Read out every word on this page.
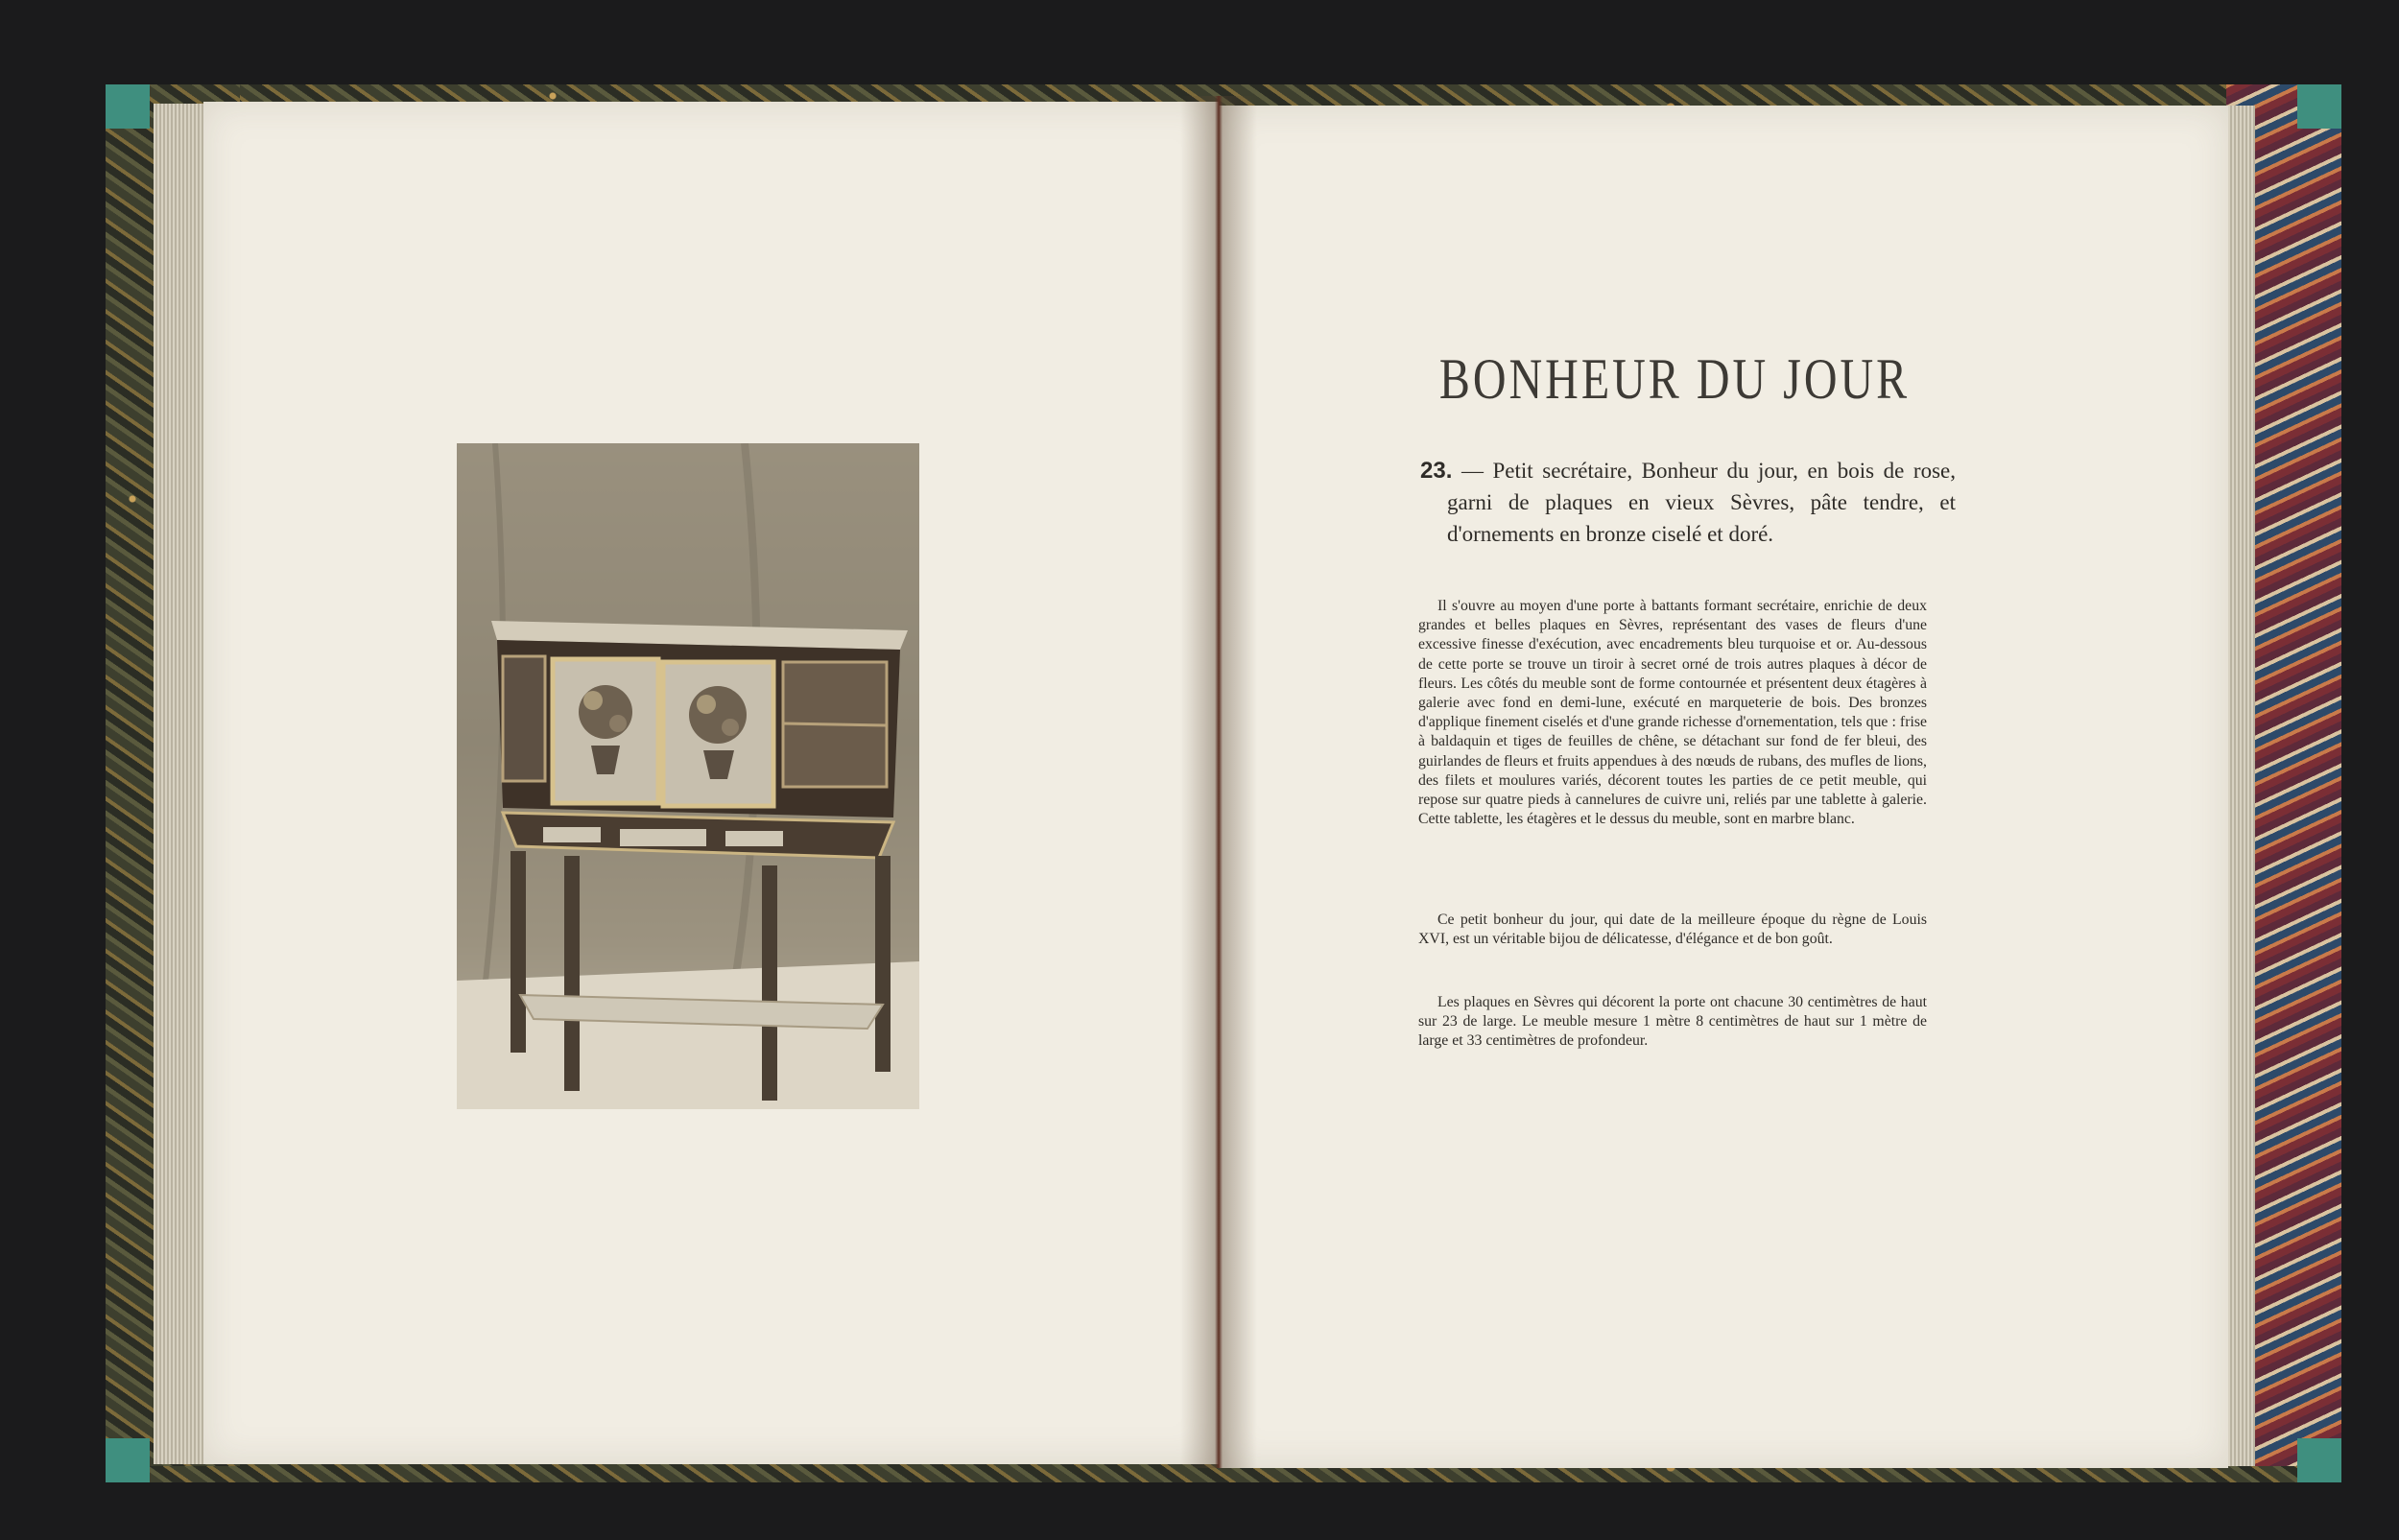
BONHEUR DU JOUR
23. — Petit secrétaire, Bonheur du jour, en bois de rose, garni de plaques en vieux Sèvres, pâte tendre, et d'ornements en bronze ciselé et doré.
Il s'ouvre au moyen d'une porte à battants formant secrétaire, enrichie de deux grandes et belles plaques en Sèvres, représentant des vases de fleurs d'une excessive finesse d'exécution, avec encadrements bleu turquoise et or. Au-dessous de cette porte se trouve un tiroir à secret orné de trois autres plaques à décor de fleurs. Les côtés du meuble sont de forme contournée et présentent deux étagères à galerie avec fond en demi-lune, exécuté en marqueterie de bois. Des bronzes d'applique finement ciselés et d'une grande richesse d'ornementation, tels que : frise à baldaquin et tiges de feuilles de chêne, se détachant sur fond de fer bleui, des guirlandes de fleurs et fruits appendues à des nœuds de rubans, des mufles de lions, des filets et moulures variés, décorent toutes les parties de ce petit meuble, qui repose sur quatre pieds à cannelures de cuivre uni, reliés par une tablette à galerie. Cette tablette, les étagères et le dessus du meuble, sont en marbre blanc.
Ce petit bonheur du jour, qui date de la meilleure époque du règne de Louis XVI, est un véritable bijou de délicatesse, d'élégance et de bon goût.
Les plaques en Sèvres qui décorent la porte ont chacune 30 centimètres de haut sur 23 de large. Le meuble mesure 1 mètre 8 centimètres de haut sur 1 mètre de large et 33 centimètres de profondeur.
